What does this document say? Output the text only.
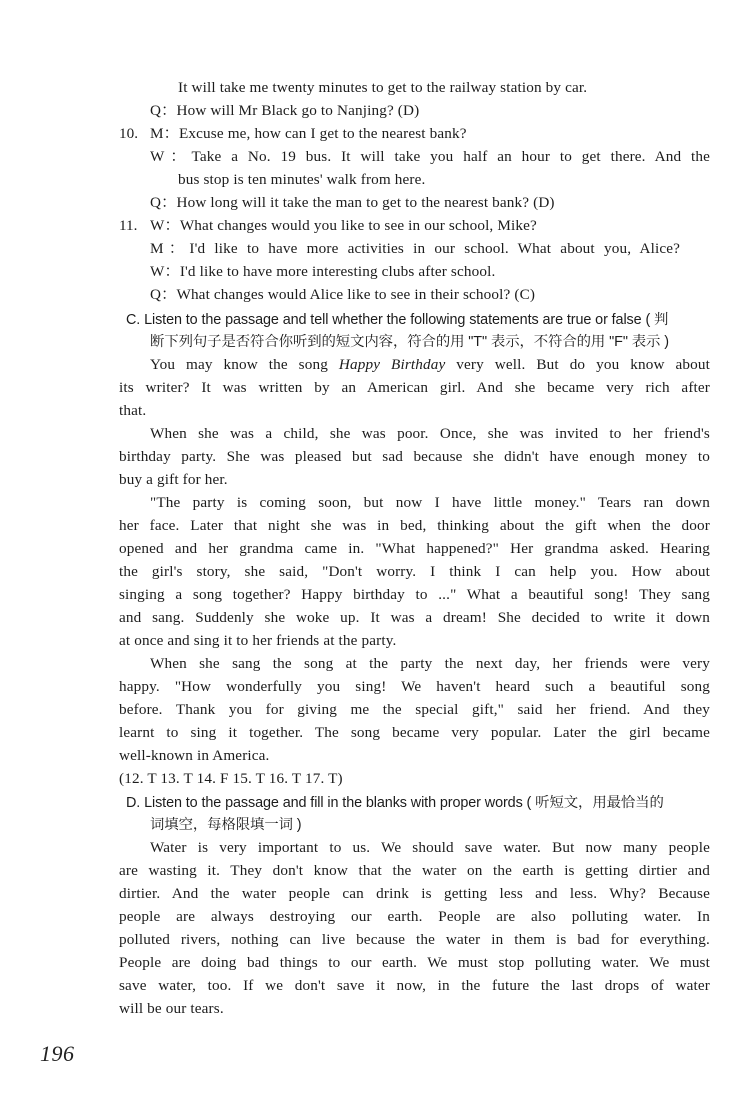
It will take me twenty minutes to get to the railway station by car.
Q：How will Mr Black go to Nanjing? (D)
10. M：Excuse me, how can I get to the nearest bank?
W：Take a No. 19 bus. It will take you half an hour to get there. And the
bus stop is ten minutes' walk from here.
Q：How long will it take the man to get to the nearest bank? (D)
11. W：What changes would you like to see in our school, Mike?
M：I'd like to have more activities in our school. What about you, Alice?
W：I'd like to have more interesting clubs after school.
Q：What changes would Alice like to see in their school? (C)
C. Listen to the passage and tell whether the following statements are true or false ( 判
断下列句子是否符合你听到的短文内容，符合的用 "T" 表示，不符合的用 "F" 表示 )
You may know the song Happy Birthday very well. But do you know about
its writer? It was written by an American girl. And she became very rich after
that.
When she was a child, she was poor. Once, she was invited to her friend's
birthday party. She was pleased but sad because she didn't have enough money to
buy a gift for her.
"The party is coming soon, but now I have little money." Tears ran down
her face. Later that night she was in bed, thinking about the gift when the door
opened and her grandma came in. "What happened?" Her grandma asked. Hearing
the girl's story, she said, "Don't worry. I think I can help you. How about
singing a song together? Happy birthday to ..." What a beautiful song! They sang
and sang. Suddenly she woke up. It was a dream! She decided to write it down
at once and sing it to her friends at the party.
When she sang the song at the party the next day, her friends were very
happy. "How wonderfully you sing! We haven't heard such a beautiful song
before. Thank you for giving me the special gift," said her friend. And they
learnt to sing it together. The song became very popular. Later the girl became
well-known in America.
(12. T 13. T 14. F 15. T 16. T 17. T)
D. Listen to the passage and fill in the blanks with proper words ( 听短文，用最恰当的
词填空，每格限填一词 )
Water is very important to us. We should save water. But now many people
are wasting it. They don't know that the water on the earth is getting dirtier and
dirtier. And the water people can drink is getting less and less. Why? Because
people are always destroying our earth. People are also polluting water. In
polluted rivers, nothing can live because the water in them is bad for everything.
People are doing bad things to our earth. We must stop polluting water. We must
save water, too. If we don't save it now, in the future the last drops of water
will be our tears.
196
